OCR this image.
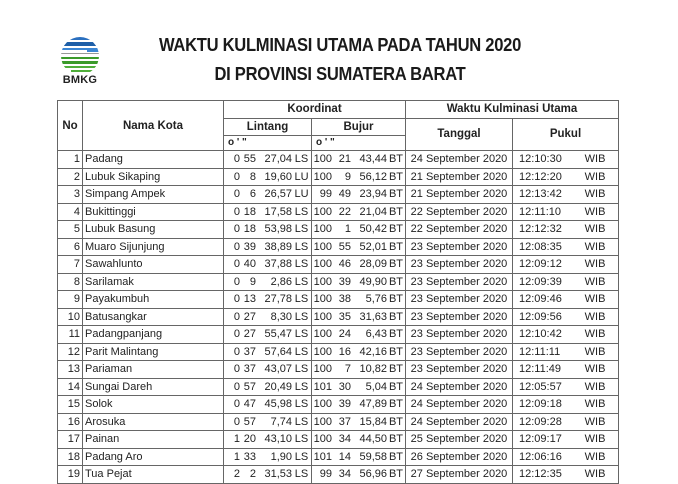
BMKG
WAKTU KULMINASI UTAMA PADA TAHUN 2020
DI PROVINSI SUMATERA BARAT
No	Nama Kota	Koordinat		Waktu Kulminasi Utama	
		Lintang	Bujur	Tanggal	Pukul
		o ' "	o ' "		
1	Padang	0 55 27,04 LS	100 21 43,44 BT	24 September 2020	12:10:30 WIB
2	Lubuk Sikaping	0 8 19,60 LU	100 9 56,12 BT	21 September 2020	12:12:20 WIB
3	Simpang Ampek	0 6 26,57 LU	99 49 23,94 BT	21 September 2020	12:13:42 WIB
4	Bukittinggi	0 18 17,58 LS	100 22 21,04 BT	22 September 2020	12:11:10 WIB
5	Lubuk Basung	0 18 53,98 LS	100 1 50,42 BT	22 September 2020	12:12:32 WIB
6	Muaro Sijunjung	0 39 38,89 LS	100 55 52,01 BT	23 September 2020	12:08:35 WIB
7	Sawahlunto	0 40 37,88 LS	100 46 28,09 BT	23 September 2020	12:09:12 WIB
8	Sarilamak	0 9 2,86 LS	100 39 49,90 BT	23 September 2020	12:09:39 WIB
9	Payakumbuh	0 13 27,78 LS	100 38 5,76 BT	23 September 2020	12:09:46 WIB
10	Batusangkar	0 27 8,30 LS	100 35 31,63 BT	23 September 2020	12:09:56 WIB
11	Padangpanjang	0 27 55,47 LS	100 24 6,43 BT	23 September 2020	12:10:42 WIB
12	Parit Malintang	0 37 57,64 LS	100 16 42,16 BT	23 September 2020	12:11:11 WIB
13	Pariaman	0 37 43,07 LS	100 7 10,82 BT	23 September 2020	12:11:49 WIB
14	Sungai Dareh	0 57 20,49 LS	101 30 5,04 BT	24 September 2020	12:05:57 WIB
15	Solok	0 47 45,98 LS	100 39 47,89 BT	24 September 2020	12:09:18 WIB
16	Arosuka	0 57 7,74 LS	100 37 15,84 BT	24 September 2020	12:09:28 WIB
17	Painan	1 20 43,10 LS	100 34 44,50 BT	25 September 2020	12:09:17 WIB
18	Padang Aro	1 33 1,90 LS	101 14 59,58 BT	26 September 2020	12:06:16 WIB
19	Tua Pejat	2 2 31,53 LS	99 34 56,96 BT	27 September 2020	12:12:35 WIB
